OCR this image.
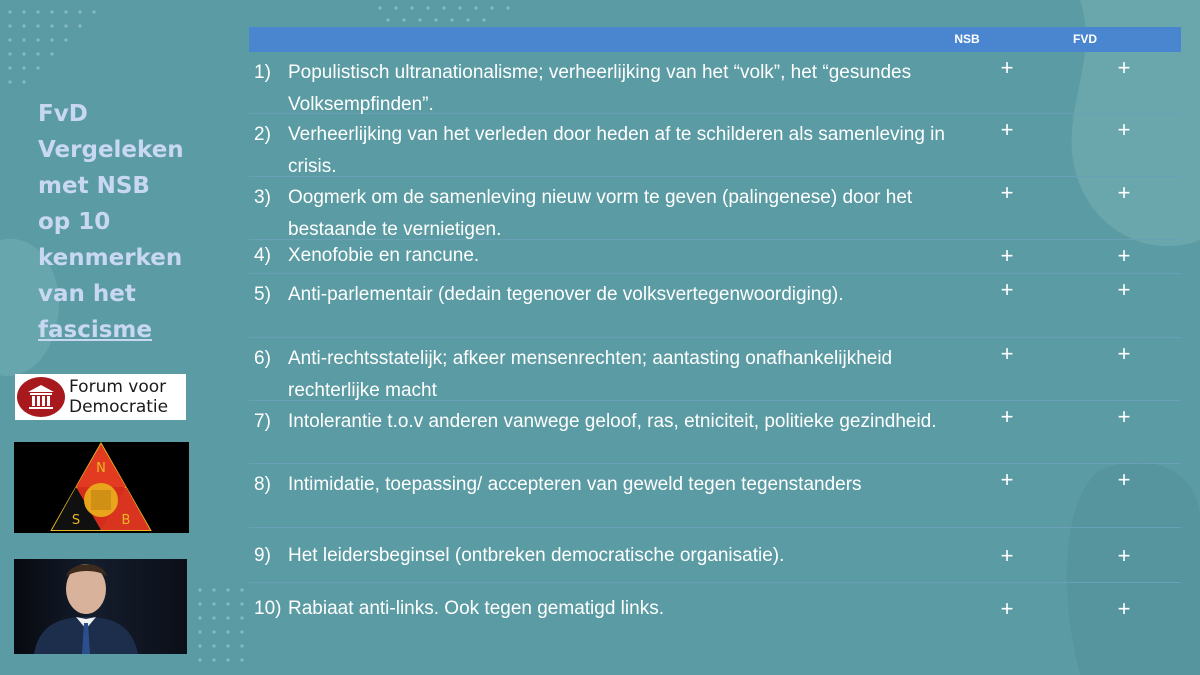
FvD
Vergeleken
met NSB
op 10
kenmerken
van het
fascisme
Forum voor
Democratie
N
S	B
NSB	FVD
1) Populistisch ultranationalisme; verheerlijking van het “volk”, het “gesundes Volksempfinden”.
+	+
2) Verheerlijking van het verleden door heden af te schilderen als samenleving in crisis.
+	+
3) Oogmerk om de samenleving nieuw vorm te geven (palingenese) door het bestaande te vernietigen.
+	+
4) Xenofobie en rancune.	+	+
5) Anti-parlementair (dedain tegenover de volksvertegenwoordiging).	+	+
6) Anti-rechtsstatelijk; afkeer mensenrechten; aantasting onafhankelijkheid rechterlijke macht
+	+
7) Intolerantie t.o.v anderen vanwege geloof, ras, etniciteit, politieke gezindheid.	+	+
8) Intimidatie, toepassing/ accepteren van geweld tegen tegenstanders	+	+
9) Het leidersbeginsel (ontbreken democratische organisatie).	+	+
10) Rabiaat anti-links. Ook tegen gematigd links.	+	+
